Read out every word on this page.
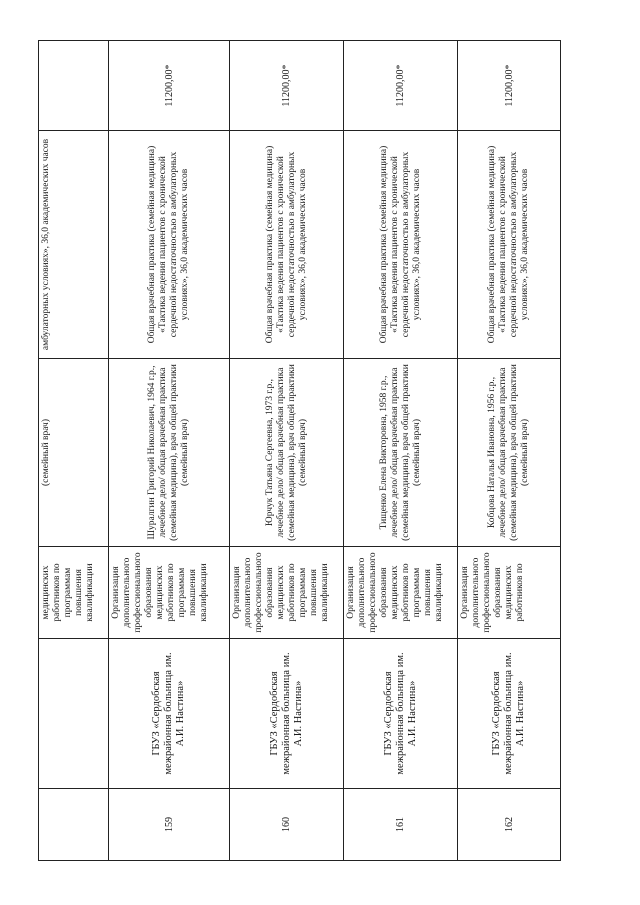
		медицинских работников по программам повышения квалификации	(семейный врач)	амбулаторных условиях», 36,0 академических часов	
159	ГБУЗ «Сердобская межрайонная больница им. А.И. Настина»	Организация дополнительного профессионального образования медицинских работников по программам повышения квалификации	Шуралгин Григорий Николаевич, 1964 г.р., лечебное дело/ общая врачебная практика (семейная медицина), врач общей практики (семейный врач)	Общая врачебная практика (семейная медицина) «Тактика ведения пациентов с хронической сердечной недостаточностью в амбулаторных условиях», 36,0 академических часов	11200,00*
160	ГБУЗ «Сердобская межрайонная больница им. А.И. Настина»	Организация дополнительного профессионального образования медицинских работников по программам повышения квалификации	Юрчук Татьяна Сергеевна, 1973 г.р., лечебное дело/ общая врачебная практика (семейная медицина), врач общей практики (семейный врач)	Общая врачебная практика (семейная медицина) «Тактика ведения пациентов с хронической сердечной недостаточностью в амбулаторных условиях», 36,0 академических часов	11200,00*
161	ГБУЗ «Сердобская межрайонная больница им. А.И. Настина»	Организация дополнительного профессионального образования медицинских работников по программам повышения квалификации	Тищенко Елена Викторовна, 1958 г.р., лечебное дело/ общая врачебная практика (семейная медицина), врач общей практики (семейный врач)	Общая врачебная практика (семейная медицина) «Тактика ведения пациентов с хронической сердечной недостаточностью в амбулаторных условиях», 36,0 академических часов	11200,00*
162	ГБУЗ «Сердобская межрайонная больница им. А.И. Настина»	Организация дополнительного профессионального образования медицинских работников по	Кобцова Наталья Ивановна, 1956 г.р., лечебное дело/ общая врачебная практика (семейная медицина), врач общей практики (семейный врач)	Общая врачебная практика (семейная медицина) «Тактика ведения пациентов с хронической сердечной недостаточностью в амбулаторных условиях», 36,0 академических часов	11200,00*
